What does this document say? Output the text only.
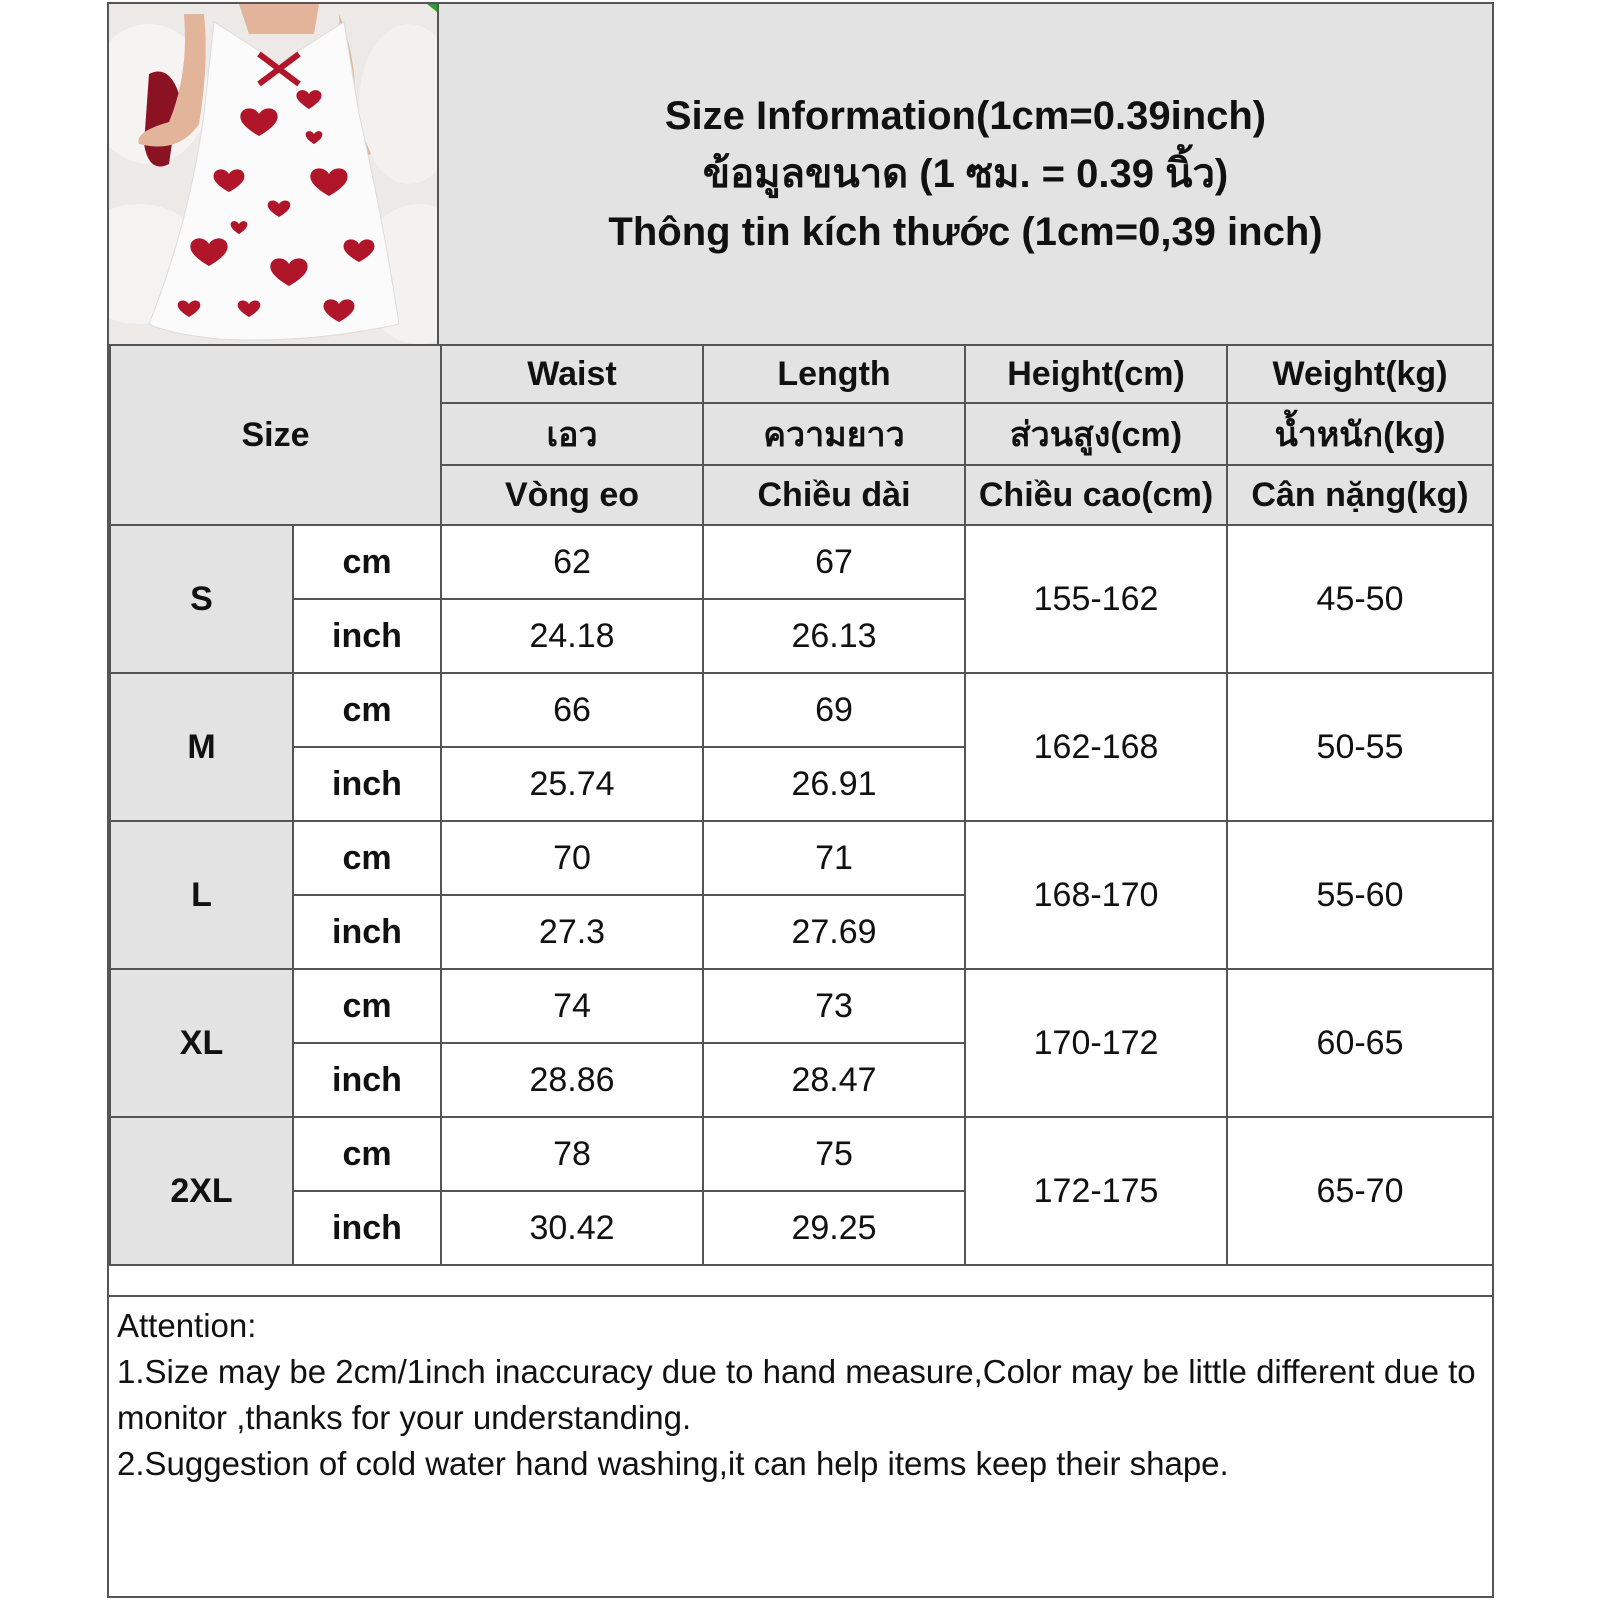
Size Information(1cm=0.39inch)
ข้อมูลขนาด (1 ซม. = 0.39 นิ้ว)
Thông tin kích thước (1cm=0,39 inch)
Size		Waist	Length	Height(cm)	Weight(kg)
		เอว	ความยาว	ส่วนสูง(cm)	น้ำหนัก(kg)
		Vòng eo	Chiều dài	Chiều cao(cm)	Cân nặng(kg)
S	cm	62	67	155-162	45-50
	inch	24.18	26.13		
M	cm	66	69	162-168	50-55
	inch	25.74	26.91		
L	cm	70	71	168-170	55-60
	inch	27.3	27.69		
XL	cm	74	73	170-172	60-65
	inch	28.86	28.47		
2XL	cm	78	75	172-175	65-70
	inch	30.42	29.25		
Attention:
1.Size may be 2cm/1inch inaccuracy due to hand measure,Color may be little different due to monitor ,thanks for your understanding.
2.Suggestion of cold water hand washing,it can help items keep their shape.
